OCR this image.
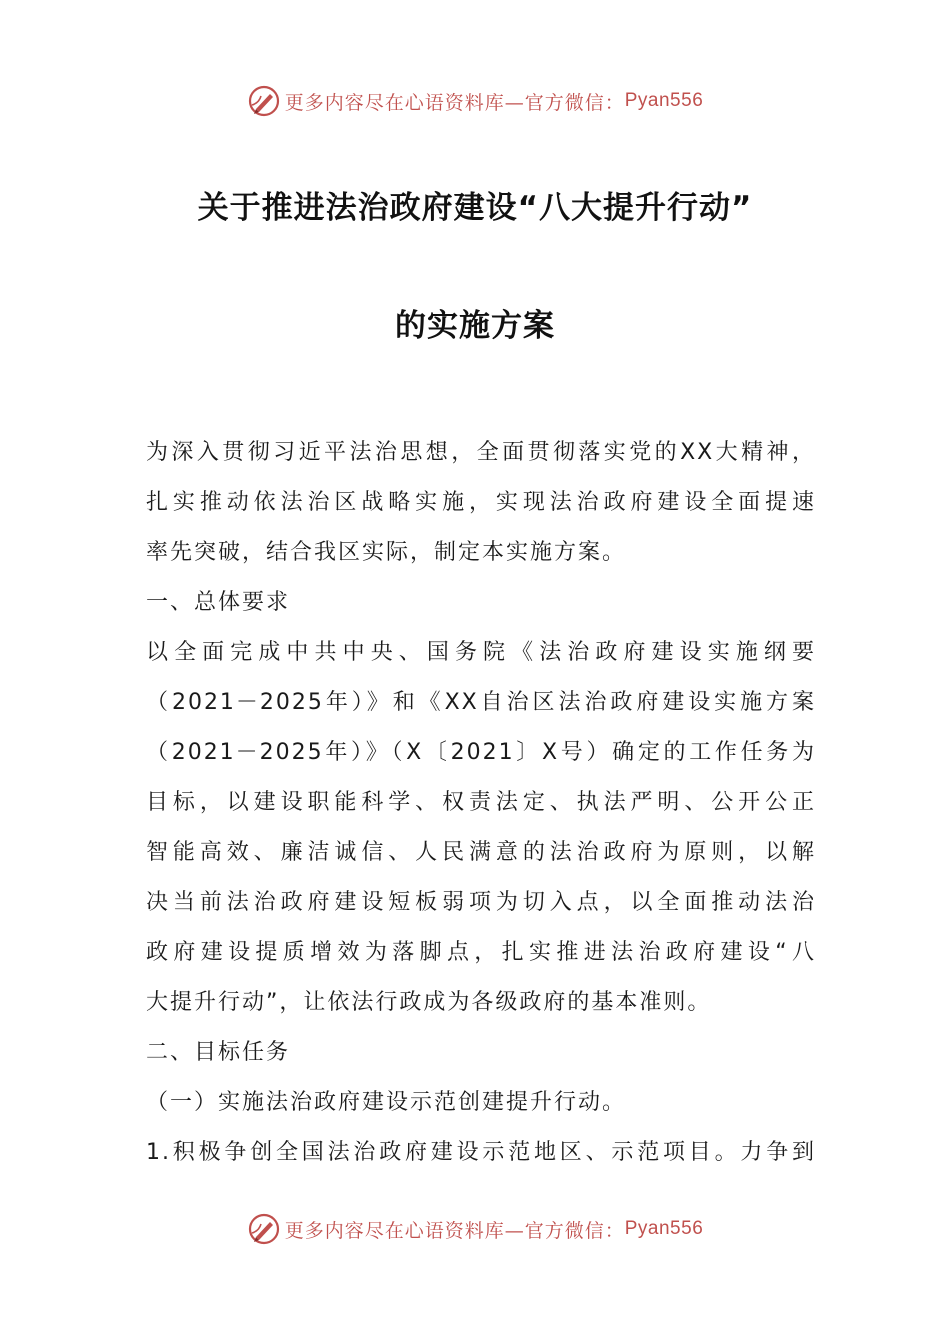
更多内容尽在心语资料库—官方微信： Pyan556
关于推进法治政府建设“八大提升行动”
的实施方案

为深入贯彻习近平法治思想，全面贯彻落实党的XX大精神，

扎实推动依法治区战略实施，实现法治政府建设全面提速

率先突破，结合我区实际，制定本实施方案。

一、总体要求

以全面完成中共中央、国务院《法治政府建设实施纲要

（2021－2025年）》和《XX自治区法治政府建设实施方案

（2021－2025年）》（X〔2021〕X号）确定的工作任务为

目标，以建设职能科学、权责法定、执法严明、公开公正

智能高效、廉洁诚信、人民满意的法治政府为原则，以解

决当前法治政府建设短板弱项为切入点，以全面推动法治

政府建设提质增效为落脚点，扎实推进法治政府建设“八

大提升行动”，让依法行政成为各级政府的基本准则。

二、目标任务

（一）实施法治政府建设示范创建提升行动。

1.积极争创全国法治政府建设示范地区、示范项目。力争到

更多内容尽在心语资料库—官方微信： Pyan556
